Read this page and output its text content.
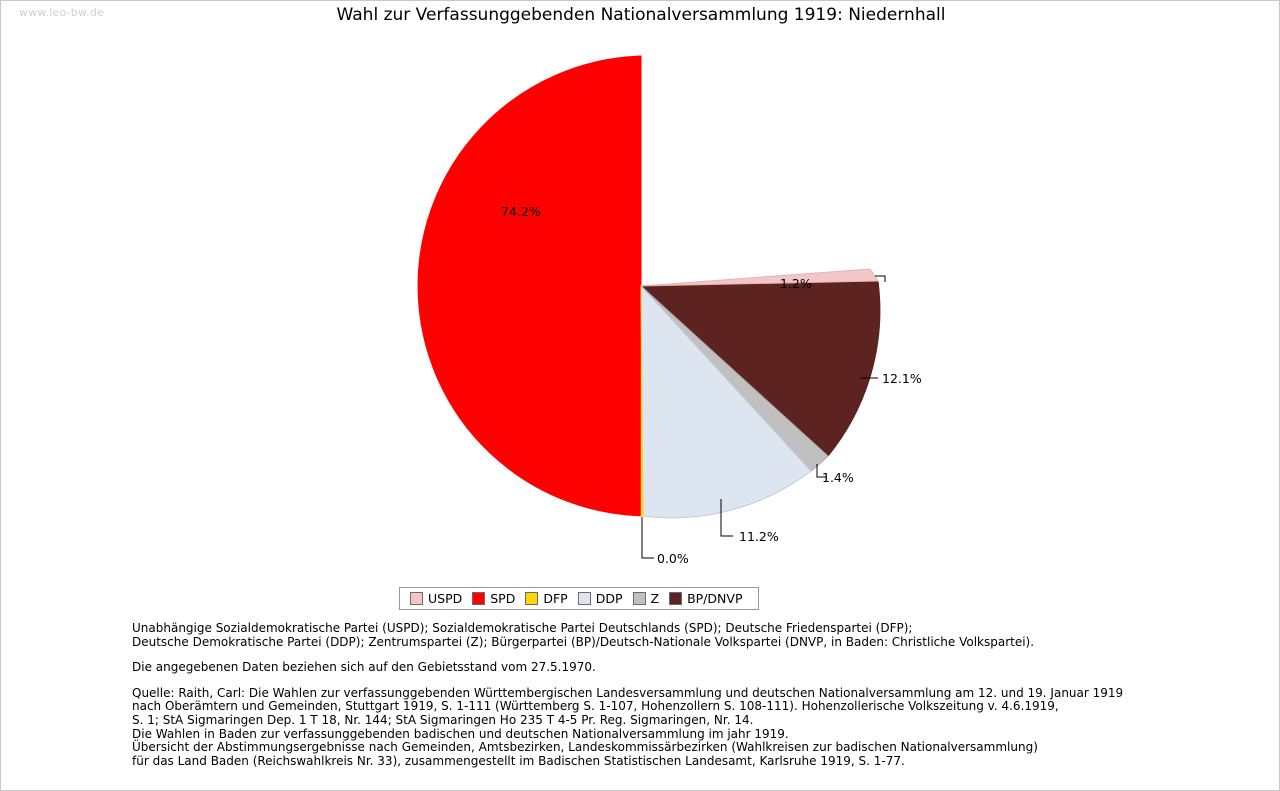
www.leo-bw.de	Wahl zur Verfassunggebenden Nationalversammlung 1919: Niedernhall
74.2%
1.2%
12.1%
1.4%
11.2%
0.0%
USPD SPD DFP DDP Z BP/DNVP
Unabhängige Sozialdemokratische Partei (USPD); Sozialdemokratische Partei Deutschlands (SPD); Deutsche Friedenspartei (DFP);
Deutsche Demokratische Partei (DDP); Zentrumspartei (Z); Bürgerpartei (BP)/Deutsch-Nationale Volkspartei (DNVP, in Baden: Christliche Volkspartei).
Die angegebenen Daten beziehen sich auf den Gebietsstand vom 27.5.1970.
Quelle: Raith, Carl: Die Wahlen zur verfassunggebenden Württembergischen Landesversammlung und deutschen Nationalversammlung am 12. und 19. Januar 1919
nach Oberämtern und Gemeinden, Stuttgart 1919, S. 1-111 (Württemberg S. 1-107, Hohenzollern S. 108-111). Hohenzollerische Volkszeitung v. 4.6.1919,
S. 1; StA Sigmaringen Dep. 1 T 18, Nr. 144; StA Sigmaringen Ho 235 T 4-5 Pr. Reg. Sigmaringen, Nr. 14.
Die Wahlen in Baden zur verfassunggebenden badischen und deutschen Nationalversammlung im jahr 1919.
Übersicht der Abstimmungsergebnisse nach Gemeinden, Amtsbezirken, Landeskommissärbezirken (Wahlkreisen zur badischen Nationalversammlung)
für das Land Baden (Reichswahlkreis Nr. 33), zusammengestellt im Badischen Statistischen Landesamt, Karlsruhe 1919, S. 1-77.
